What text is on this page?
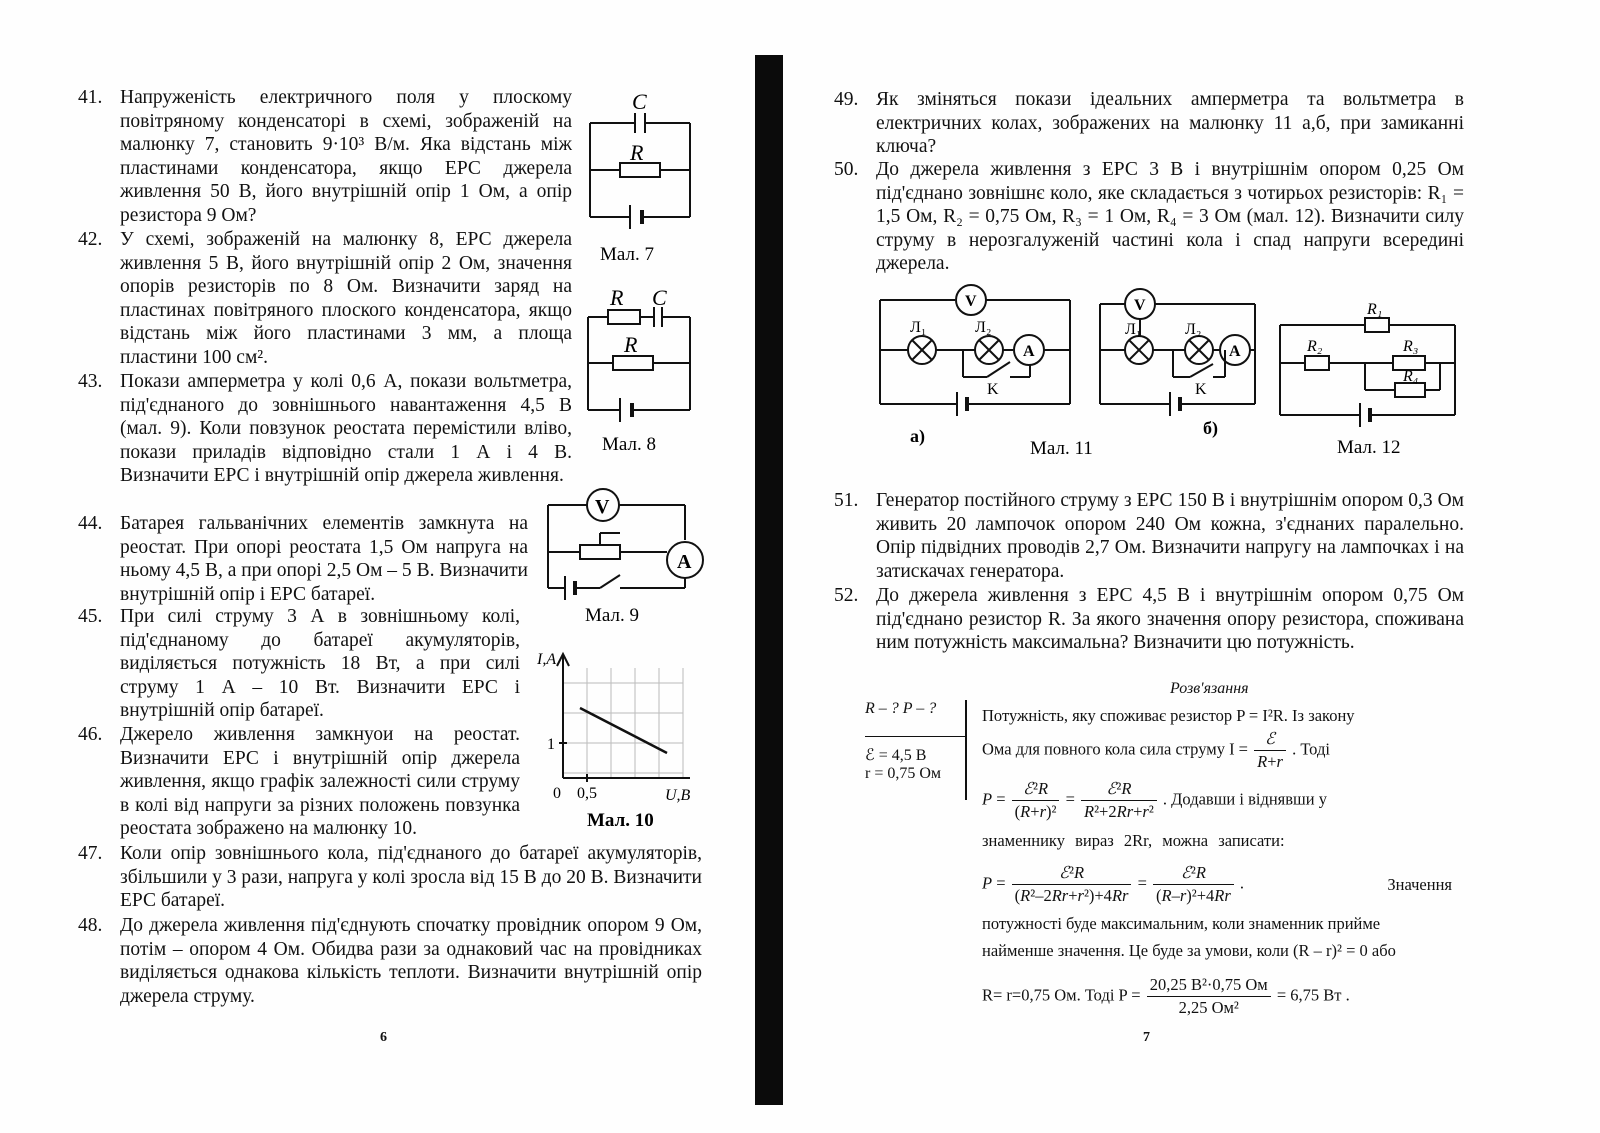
41. Напруженість електричного поля у плоскому повітряному конденсаторі в схемі, зображеній на малюнку 7, становить 9·10³ В/м. Яка відстань між пластинами конденсатора, якщо ЕРС джерела живлення 50 В, його внутрішній опір 1 Ом, а опір резистора 9 Ом?
42. У схемі, зображеній на малюнку 8, ЕРС джерела живлення 5 В, його внутрішній опір 2 Ом, значення опорів резисторів по 8 Ом. Визначити заряд на пластинах повітряного плоского конденсатора, якщо відстань між його пластинами 3 мм, а площа пластини 100 см².
43. Покази амперметра у колі 0,6 А, покази вольтметра, під'єднаного до зовнішнього навантаження 4,5 В (мал. 9). Коли повзунок реостата перемістили вліво, покази приладів відповідно стали 1 А і 4 В. Визначити ЕРС і внутрішній опір джерела живлення.
44. Батарея гальванічних елементів замкнута на реостат. При опорі реостата 1,5 Ом напруга на ньому 4,5 В, а при опорі 2,5 Ом – 5 В. Визначити внутрішній опір і ЕРС батареї.
45. При силі струму 3 А в зовнішньому колі, під'єднаному до батареї акумуляторів, виділяється потужність 18 Вт, а при силі струму 1 А – 10 Вт. Визначити ЕРС і внутрішній опір батареї.
46. Джерело живлення замкнуои на реостат. Визначити ЕРС і внутрішній опір джерела живлення, якщо графік залежності сили струму в колі від напруги за різних положень повзунка реостата зображено на малюнку 10.
47. Коли опір зовнішнього кола, під'єднаного до батареї акумуляторів, збільшили у 3 рази, напруга у колі зросла від 15 В до 20 В. Визначити ЕРС батареї.
48. До джерела живлення під'єднують спочатку провідник опором 9 Ом, потім – опором 4 Ом. Обидва рази за однаковий час на провідниках виділяється однакова кількість теплоти. Визначити внутрішній опір джерела струму.
C
R
Мал. 7
R C
R
Мал. 8
V
A
Мал. 9
I,A
1
0 0,5	U,B
Мал. 10
6
49. Як зміняться покази ідеальних амперметра та вольтметра в електричних колах, зображених на малюнку 11 а,б, при замиканні ключа?
50. До джерела живлення з ЕРС 3 В і внутрішнім опором 0,25 Ом під'єднано зовнішнє коло, яке складається з чотирьох резисторів: R₁ = 1,5 Ом, R₂ = 0,75 Ом, R₃ = 1 Ом, R₄ = 3 Ом (мал. 12). Визначити силу струму в нерозгалуженій частині кола і спад напруги всередині джерела.
V
Л₁	Л₂
A
K
а)
Мал. 11
V
Л₁	Л₂
A
K
б)
R₁
R₂	R₃
R₄
Мал. 12
51. Генератор постійного струму з ЕРС 150 В і внутрішнім опором 0,3 Ом живить 20 лампочок опором 240 Ом кожна, з'єднаних паралельно. Опір підвідних проводів 2,7 Ом. Визначити напругу на лампочках і на затискачах генератора.
52. До джерела живлення з ЕРС 4,5 В і внутрішнім опором 0,75 Ом під'єднано резистор R. За якого значення опору резистора, споживана ним потужність максимальна? Визначити цю потужність.
Розв'язання
R – ? P – ?
ℰ = 4,5 В
r = 0,75 Ом
Потужність, яку споживає резистор P = I²R. Із закону
Ома для повного кола сила струму $I = \frac{\text{ℰ}}{R+r}$ . Тоді
$P = \frac{\text{ℰ²R}}{\text{(R+r)²}} = \frac{\text{ℰ²R}}{\text{R²+2Rr+r²}}$ . Додавши і віднявши у
знаменнику вираз 2Rr, можна записати:
$P = \frac{\text{ℰ²R}}{\text{(R²–2Rr+r²)+4Rr}} = \frac{\text{ℰ²R}}{\text{(R–r)²+4Rr}}$ .	Значення
потужності буде максимальним, коли знаменник прийме
найменше значення. Це буде за умови, коли (R – r)² = 0 або
R= r=0,75 Ом. Тоді $P = \frac{\text{20,25 В²·0,75 Ом}}{\text{2,25 Ом²}} = 6,75$ Вт .
7
